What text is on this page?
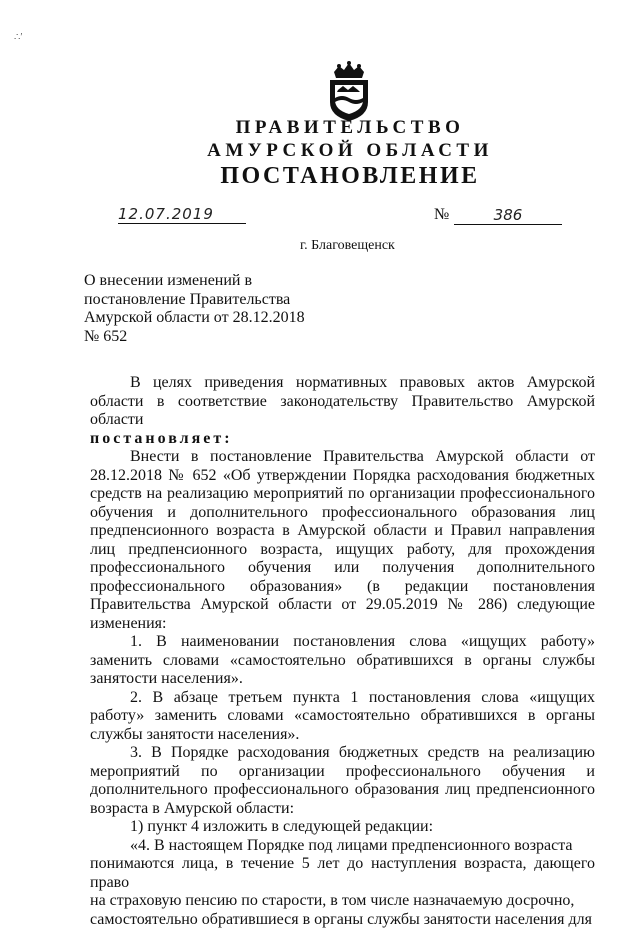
∴′
ПРАВИТЕЛЬСТВО
АМУРСКОЙ ОБЛАСТИ
ПОСТАНОВЛЕНИЕ
12.07.2019	№	386
г. Благовещенск
О внесении изменений в
постановление Правительства
Амурской области от 28.12.2018
№ 652

В целях приведения нормативных правовых актов Амурской области в соответствие законодательству Правительство Амурской области

постановляет:

Внести в постановление Правительства Амурской области от 28.12.2018 № 652 «Об утверждении Порядка расходования бюджетных средств на реализацию мероприятий по организации профессионального обучения и дополнительного профессионального образования лиц предпенсионного возраста в Амурской области и Правил направления лиц предпенсионного возраста, ищущих работу, для прохождения профессионального обучения или получения дополнительного профессионального образования» (в редакции постановления Правительства Амурской области от 29.05.2019 № 286) следующие изменения:

1. В наименовании постановления слова «ищущих работу» заменить словами «самостоятельно обратившихся в органы службы занятости населения».

2. В абзаце третьем пункта 1 постановления слова «ищущих работу» заменить словами «самостоятельно обратившихся в органы службы занятости населения».

3. В Порядке расходования бюджетных средств на реализацию мероприятий по организации профессионального обучения и дополнительного профессионального образования лиц предпенсионного возраста в Амурской области:

1) пункт 4 изложить в следующей редакции:

«4. В настоящем Порядке под лицами предпенсионного возраста

понимаются лица, в течение 5 лет до наступления возраста, дающего право

на страховую пенсию по старости, в том числе назначаемую досрочно,

самостоятельно обратившиеся в органы службы занятости населения для
